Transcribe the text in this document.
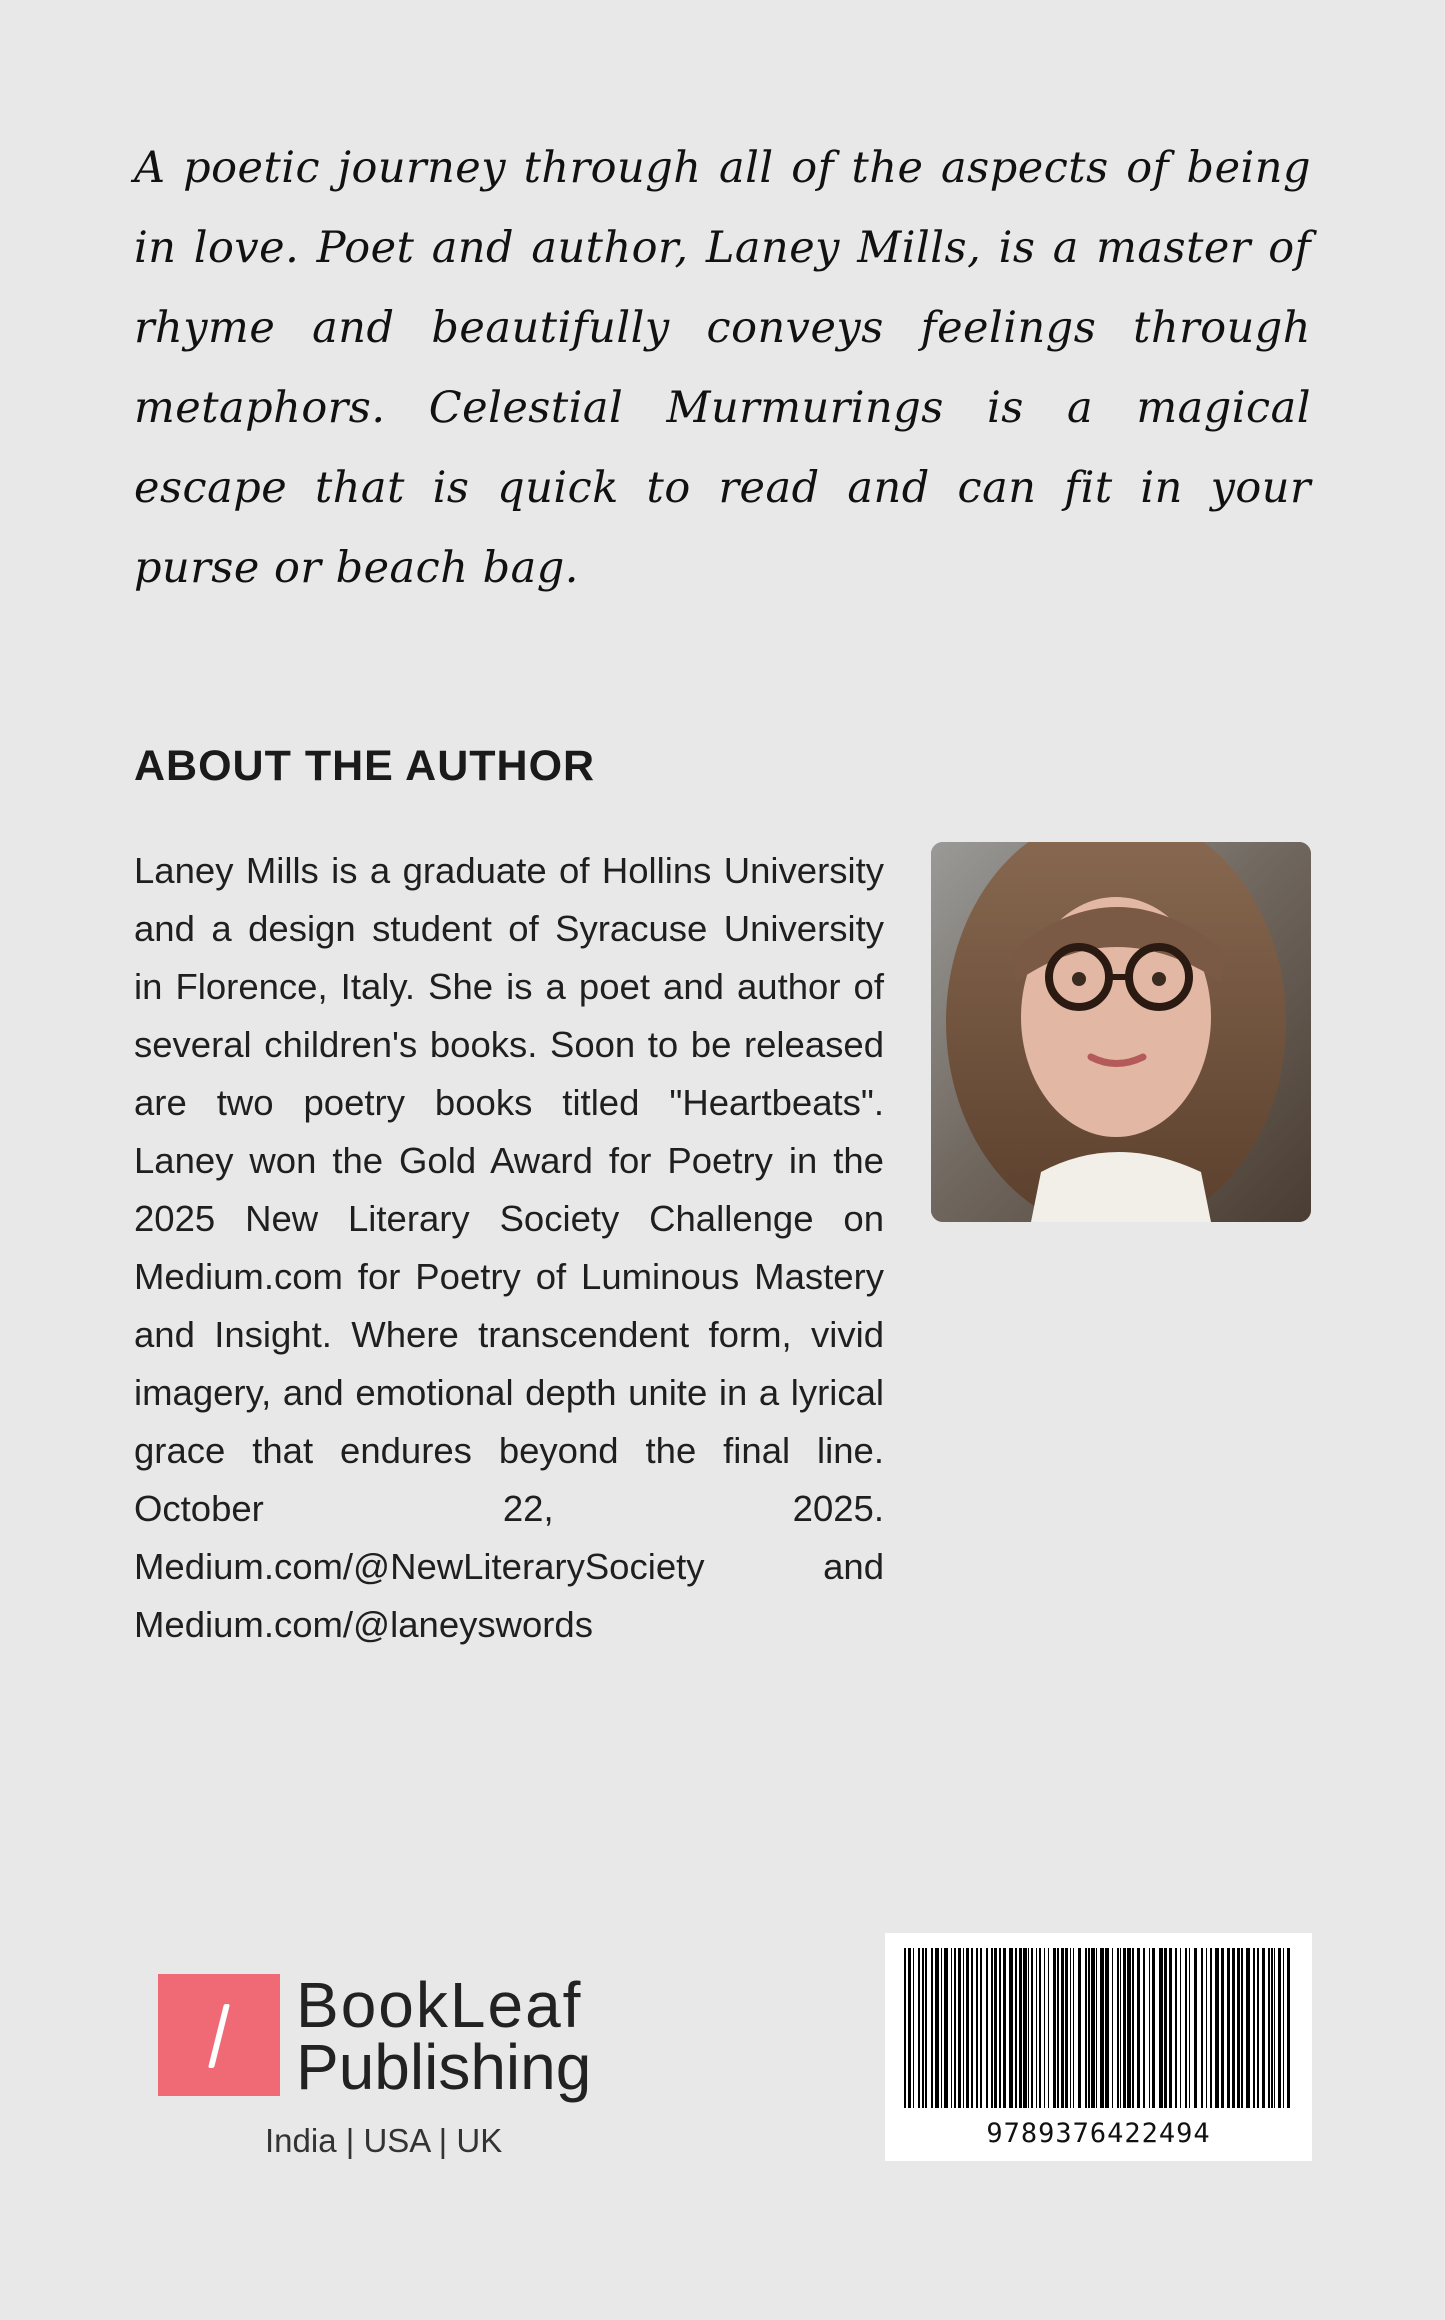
A poetic journey through all of the aspects of being in love. Poet and author, Laney Mills, is a master of rhyme and beautifully conveys feelings through metaphors. Celestial Murmurings is a magical escape that is quick to read and can fit in your purse or beach bag.
ABOUT THE AUTHOR
Laney Mills is a graduate of Hollins University and a design student of Syracuse University in Florence, Italy. She is a poet and author of several children's books. Soon to be released are two poetry books titled "Heartbeats". Laney won the Gold Award for Poetry in the 2025 New Literary Society Challenge on Medium.com for Poetry of Luminous Mastery and Insight. Where transcendent form, vivid imagery, and emotional depth unite in a lyrical grace that endures beyond the final line. October 22, 2025. Medium.com/@NewLiterarySociety and Medium.com/@laneyswords
BookLeaf
Publishing
India | USA | UK	9789376422494
